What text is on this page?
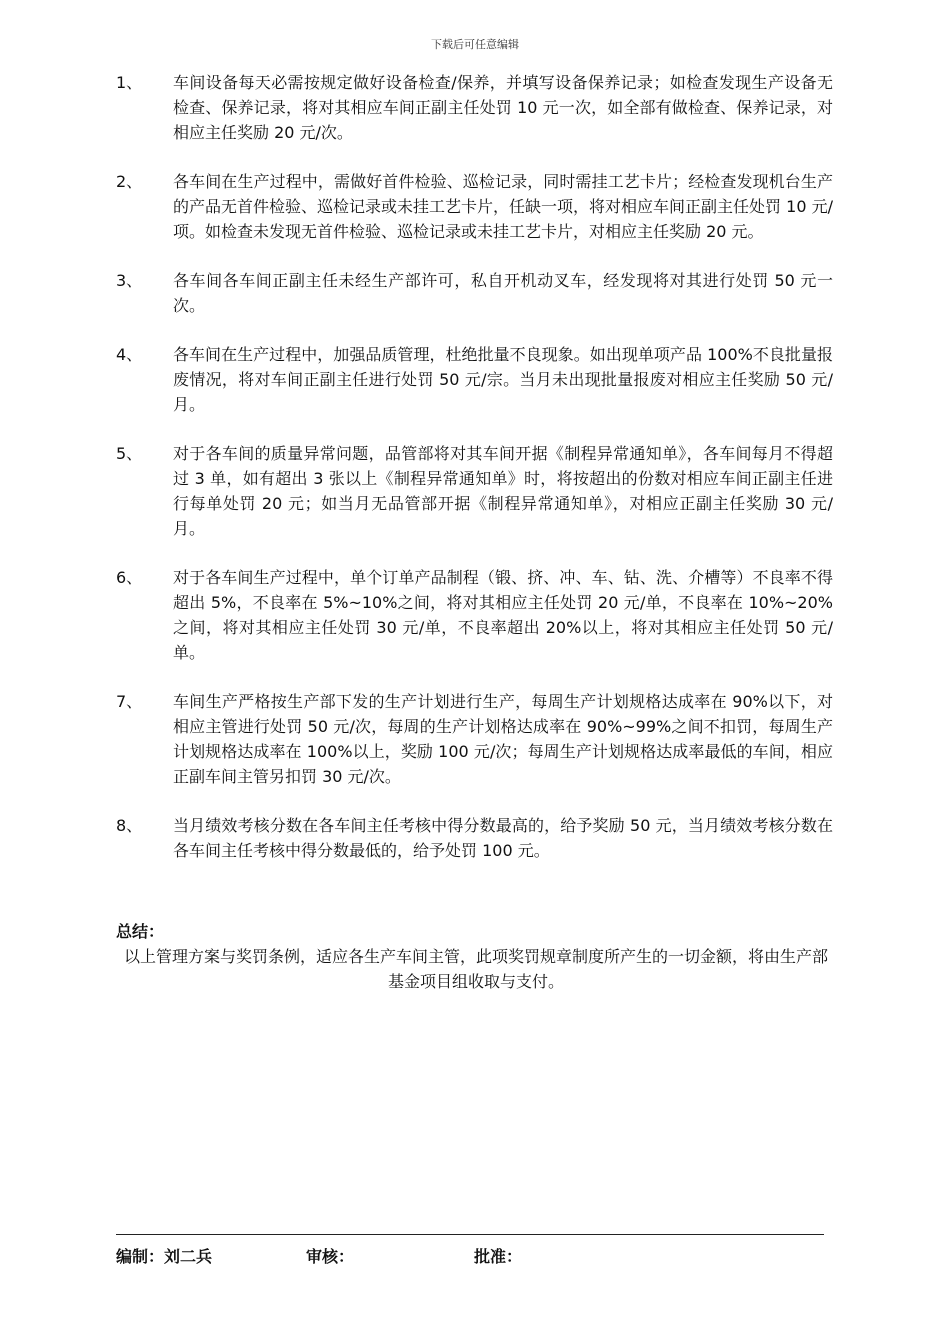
下载后可任意编辑
1、 车间设备每天必需按规定做好设备检查/保养，并填写设备保养记录；如检查发现生产设备无检查、保养记录，将对其相应车间正副主任处罚 10 元一次，如全部有做检查、保养记录，对相应主任奖励 20 元/次。
2、 各车间在生产过程中，需做好首件检验、巡检记录，同时需挂工艺卡片；经检查发现机台生产的产品无首件检验、巡检记录或未挂工艺卡片，任缺一项，将对相应车间正副主任处罚 10 元/项。如检查未发现无首件检验、巡检记录或未挂工艺卡片，对相应主任奖励 20 元。
3、 各车间各车间正副主任未经生产部许可，私自开机动叉车，经发现将对其进行处罚 50 元一次。
4、 各车间在生产过程中，加强品质管理，杜绝批量不良现象。如出现单项产品 100%不良批量报废情况，将对车间正副主任进行处罚 50 元/宗。当月未出现批量报废对相应主任奖励 50 元/月。
5、 对于各车间的质量异常问题，品管部将对其车间开据《制程异常通知单》，各车间每月不得超过 3 单，如有超出 3 张以上《制程异常通知单》时，将按超出的份数对相应车间正副主任进行每单处罚 20 元；如当月无品管部开据《制程异常通知单》，对相应正副主任奖励 30 元/月。
6、 对于各车间生产过程中，单个订单产品制程（锻、挤、冲、车、钻、洗、介槽等）不良率不得超出 5%，不良率在 5%~10%之间，将对其相应主任处罚 20 元/单，不良率在 10%~20%之间，将对其相应主任处罚 30 元/单，不良率超出 20%以上，将对其相应主任处罚 50 元/单。
7、 车间生产严格按生产部下发的生产计划进行生产，每周生产计划规格达成率在 90%以下，对相应主管进行处罚 50 元/次，每周的生产计划格达成率在 90%~99%之间不扣罚，每周生产计划规格达成率在 100%以上，奖励 100 元/次；每周生产计划规格达成率最低的车间，相应正副车间主管另扣罚 30 元/次。
8、 当月绩效考核分数在各车间主任考核中得分数最高的，给予奖励 50 元，当月绩效考核分数在各车间主任考核中得分数最低的，给予处罚 100 元。
总结：
以上管理方案与奖罚条例，适应各生产车间主管，此项奖罚规章制度所产生的一切金额，将由生产部基金项目组收取与支付。
编制：刘二兵	审核：	批准：
